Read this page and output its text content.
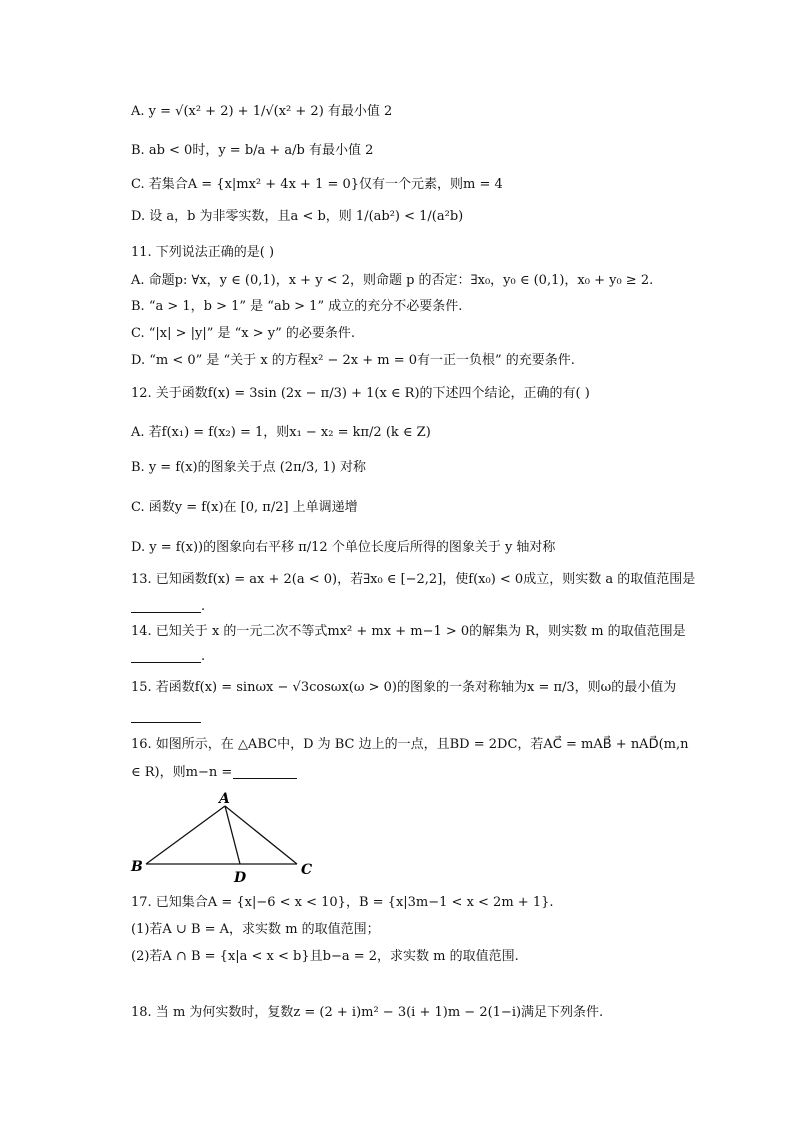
A. y = √(x² + 2) + 1/√(x² + 2) 有最小值 2
B. ab < 0时，y = b/a + a/b 有最小值 2
C. 若集合A = {x|mx² + 4x + 1 = 0}仅有一个元素，则m = 4
D. 设 a，b 为非零实数，且a < b，则 1/(ab²) < 1/(a²b)
11. 下列说法正确的是( )
A. 命题p: ∀x，y ∈ (0,1)，x + y < 2，则命题 p 的否定：∃x₀，y₀ ∈ (0,1)，x₀ + y₀ ≥ 2.
B. “a > 1，b > 1” 是 “ab > 1” 成立的充分不必要条件.
C. “|x| > |y|” 是 “x > y” 的必要条件.
D. “m < 0” 是 “关于 x 的方程x² − 2x + m = 0有一正一负根” 的充要条件.
12. 关于函数f(x) = 3sin (2x − π/3) + 1(x ∈ R)的下述四个结论，正确的有( )
A. 若f(x₁) = f(x₂) = 1，则x₁ − x₂ = kπ/2 (k ∈ Z)
B. y = f(x)的图象关于点 (2π/3, 1) 对称
C. 函数y = f(x)在 [0, π/2] 上单调递增
D. y = f(x))的图象向右平移 π/12 个单位长度后所得的图象关于 y 轴对称
13. 已知函数f(x) = ax + 2(a < 0)，若∃x₀ ∈ [−2,2]，使f(x₀) < 0成立，则实数 a 的取值范围是
.
14. 已知关于 x 的一元二次不等式mx² + mx + m−1 > 0的解集为 R，则实数 m 的取值范围是
.
15. 若函数f(x) = sinωx − √3cosωx(ω > 0)的图象的一条对称轴为x = π/3，则ω的最小值为
16. 如图所示，在 △ABC中，D 为 BC 边上的一点，且BD = 2DC，若AC⃗ = mAB⃗ + nAD⃗(m,n
∈ R)，则m−n =
A
B	C
D
17. 已知集合A = {x|−6 < x < 10}，B = {x|3m−1 < x < 2m + 1}.
(1)若A ∪ B = A，求实数 m 的取值范围；
(2)若A ∩ B = {x|a < x < b}且b−a = 2，求实数 m 的取值范围.
18. 当 m 为何实数时，复数z = (2 + i)m² − 3(i + 1)m − 2(1−i)满足下列条件.
